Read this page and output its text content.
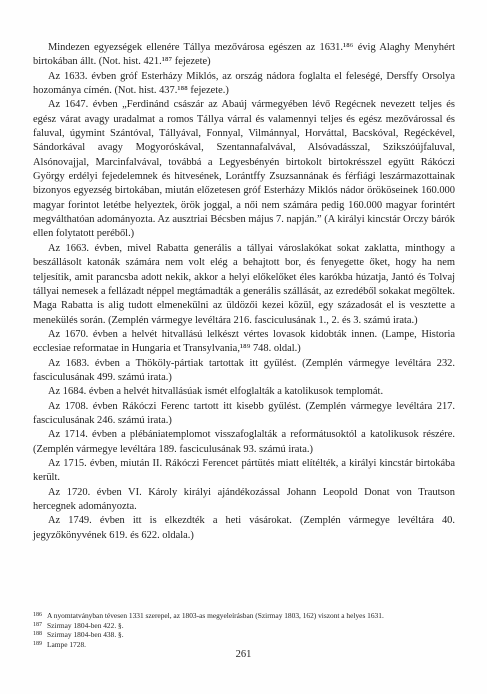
Mindezen egyezségek ellenére Tállya mezővárosa egészen az 1631.¹⁸⁶ évig Alaghy Menyhért birtokában állt. (Not. hist. 421.¹⁸⁷ fejezete)

Az 1633. évben gróf Esterházy Miklós, az ország nádora foglalta el feleségé, Dersffy Orsolya hozományа címén. (Not. hist. 437.¹⁸⁸ fejezete.)

Az 1647. évben „Ferdinánd császár az Abaúj vármegyében lévő Regécnek nevezett teljes és egész várat avagy uradalmat a romos Tállya várral és valamennyi teljes és egész mezővárossal és faluval, úgymint Szántóval, Tállyával, Fonnyal, Vilmánnyal, Horváttal, Bacskóval, Regéckével, Sándorkával avagy Mogyoróskával, Szentannafalvával, Alsóvadásszal, Szikszóújfaluval, Alsónovajjal, Marcinfalvával, továbbá a Legyesbényén birtokolt birtokrésszel együtt Rákóczi György erdélyi fejedelemnek és hitvesének, Lorántffy Zsuzsannának és férfiági leszármazottainak bizonyos egyezség birtokában, miután előzetesen gróf Esterházy Miklós nádor örököseinek 160.000 magyar forintot letétbe helyeztek, örök joggal, a női nem számára pedig 160.000 magyar forintért megválthatóan adományozta. Az ausztriai Bécsben május 7. napján.” (A királyi kincstár Orczy bárók ellen folytatott peréből.)

Az 1663. évben, mivel Rabatta generális a tállyai városlakókat sokat zaklatta, minthogy a beszállásolt katonák számára nem volt elég a behajtott bor, és fenyegette őket, hogy ha nem teljesítik, amit parancsba adott nekik, akkor a helyi előkelőket éles karókba húzatja, Jantó és Tolvaj tállyai nemesek a fellázadt néppel megtámadták a generális szállását, az ezredéből sokakat megöltek. Maga Rabatta is alig tudott elmenekülni az üldözői kezei közül, egy századosát el is vesztette a menekülés során. (Zemplén vármegye levéltára 216. fasciculusának 1., 2. és 3. számú irata.)

Az 1670. évben a helvét hitvallású lelkészt vértes lovasok kidobták innen. (Lampe, Historia ecclesiae reformatae in Hungaria et Transylvania,¹⁸⁹ 748. oldal.)

Az 1683. évben a Thököly-pártiak tartottak itt gyűlést. (Zemplén vármegye levéltára 232. fasciculusának 499. számú irata.)

Az 1684. évben a helvét hitvallásúak ismét elfoglalták a katolikusok templomát.

Az 1708. évben Rákóczi Ferenc tartott itt kisebb gyűlést. (Zemplén vármegye levéltára 217. fasciculusának 246. számú irata.)

Az 1714. évben a plébániatemplomot visszafoglalták a reformátusoktól a katolikusok részére. (Zemplén vármegye levéltára 189. fasciculusának 93. számú irata.)

Az 1715. évben, miután II. Rákóczi Ferencet pártütés miatt elítélték, a királyi kincstár birtokába került.

Az 1720. évben VI. Károly királyi ajándékozással Johann Leopold Donat von Trautson hercegnek adományozta.

Az 1749. évben itt is elkezdték a heti vásárokat. (Zemplén vármegye levéltára 40. jegyzőkönyvének 619. és 622. oldala.)

186 A nyomtatványban tévesen 1331 szerepel, az 1803-as megyeleírásban (Szirmay 1803, 162) viszont a helyes 1631.
187 Szirmay 1804-ben 422. §.
188 Szirmay 1804-ben 438. §.
189 Lampe 1728.
261
